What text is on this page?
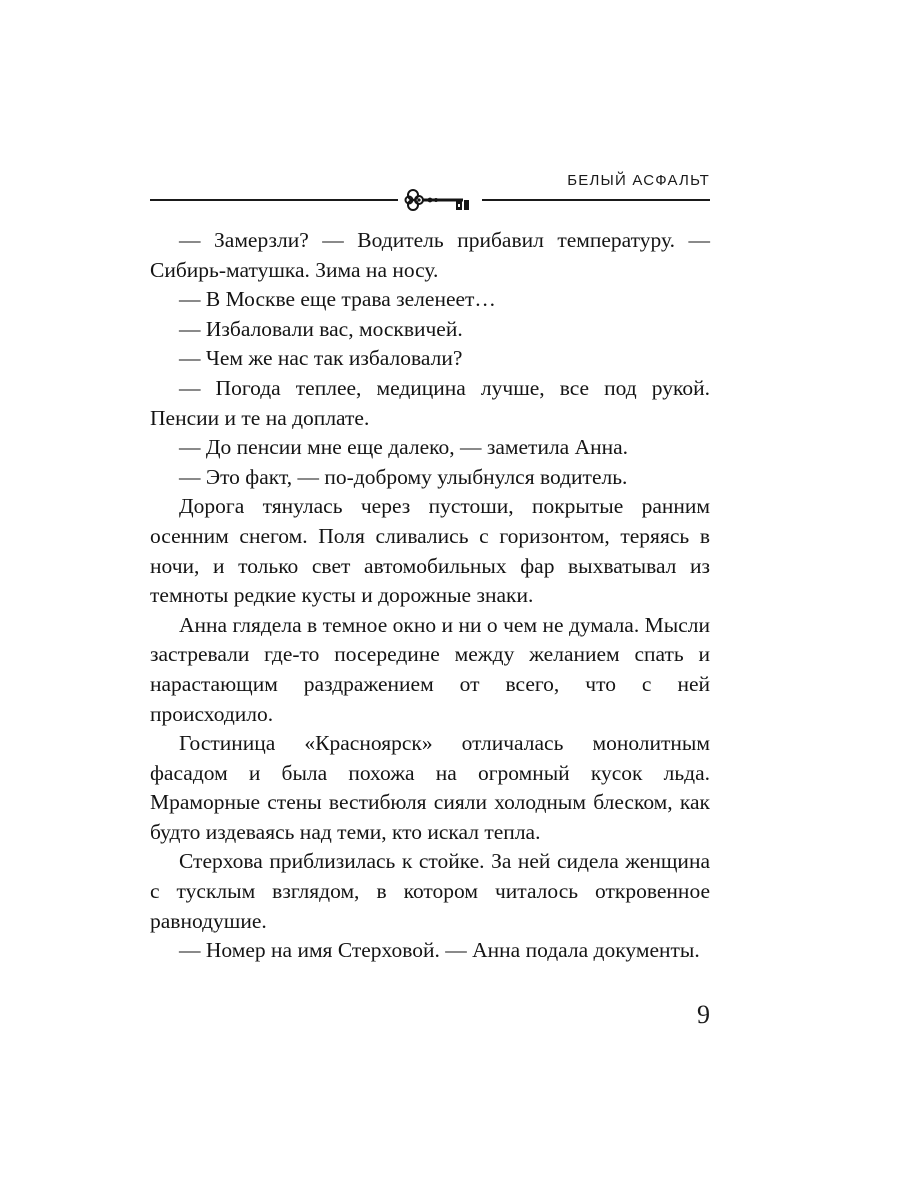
БЕЛЫЙ АСФАЛЬТ

— Замерзли? — Водитель прибавил температуру. — Сибирь-матушка. Зима на носу.

— В Москве еще трава зеленеет…

— Избаловали вас, москвичей.

— Чем же нас так избаловали?

— Погода теплее, медицина лучше, все под рукой. Пенсии и те на доплате.

— До пенсии мне еще далеко, — заметила Анна.

— Это факт, — по-доброму улыбнулся водитель.

Дорога тянулась через пустоши, покрытые ранним осенним снегом. Поля сливались с горизонтом, теряясь в ночи, и только свет автомобильных фар выхватывал из темноты редкие кусты и дорожные знаки.

Анна глядела в темное окно и ни о чем не думала. Мысли застревали где-то посередине между желанием спать и нарастающим раздражением от всего, что с ней происходило.

Гостиница «Красноярск» отличалась монолитным фасадом и была похожа на огромный кусок льда. Мраморные стены вестибюля сияли холодным блеском, как будто издеваясь над теми, кто искал тепла.

Стерхова приблизилась к стойке. За ней сидела женщина с тусклым взглядом, в котором читалось откровенное равнодушие.

— Номер на имя Стерховой. — Анна подала документы.

9
